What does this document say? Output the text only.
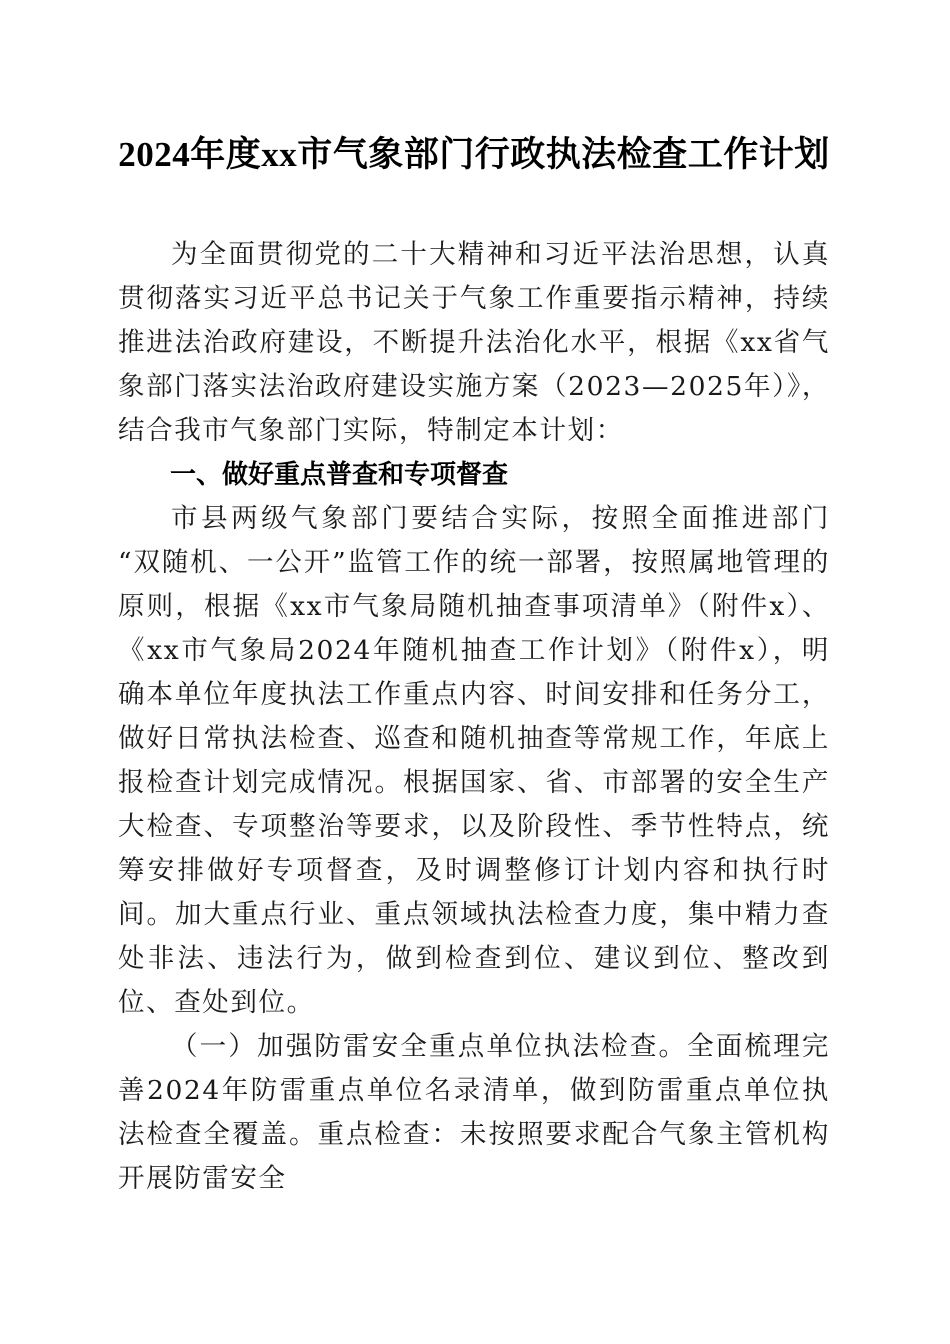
2024年度xx市气象部门行政执法检查工作计划

为全面贯彻党的二十大精神和习近平法治思想，认真贯彻落实习近平总书记关于气象工作重要指示精神，持续推进法治政府建设，不断提升法治化水平，根据《xx省气象部门落实法治政府建设实施方案（2023—2025年）》，结合我市气象部门实际，特制定本计划：

一、做好重点普查和专项督查

市县两级气象部门要结合实际，按照全面推进部门“双随机、一公开”监管工作的统一部署，按照属地管理的原则，根据《xx市气象局随机抽查事项清单》（附件x）、《xx市气象局2024年随机抽查工作计划》（附件x），明确本单位年度执法工作重点内容、时间安排和任务分工，做好日常执法检查、巡查和随机抽查等常规工作，年底上报检查计划完成情况。根据国家、省、市部署的安全生产大检查、专项整治等要求，以及阶段性、季节性特点，统筹安排做好专项督查，及时调整修订计划内容和执行时间。加大重点行业、重点领域执法检查力度，集中精力查处非法、违法行为，做到检查到位、建议到位、整改到位、查处到位。

（一）加强防雷安全重点单位执法检查。全面梳理完善2024年防雷重点单位名录清单，做到防雷重点单位执法检查全覆盖。重点检查：未按照要求配合气象主管机构开展防雷安全
